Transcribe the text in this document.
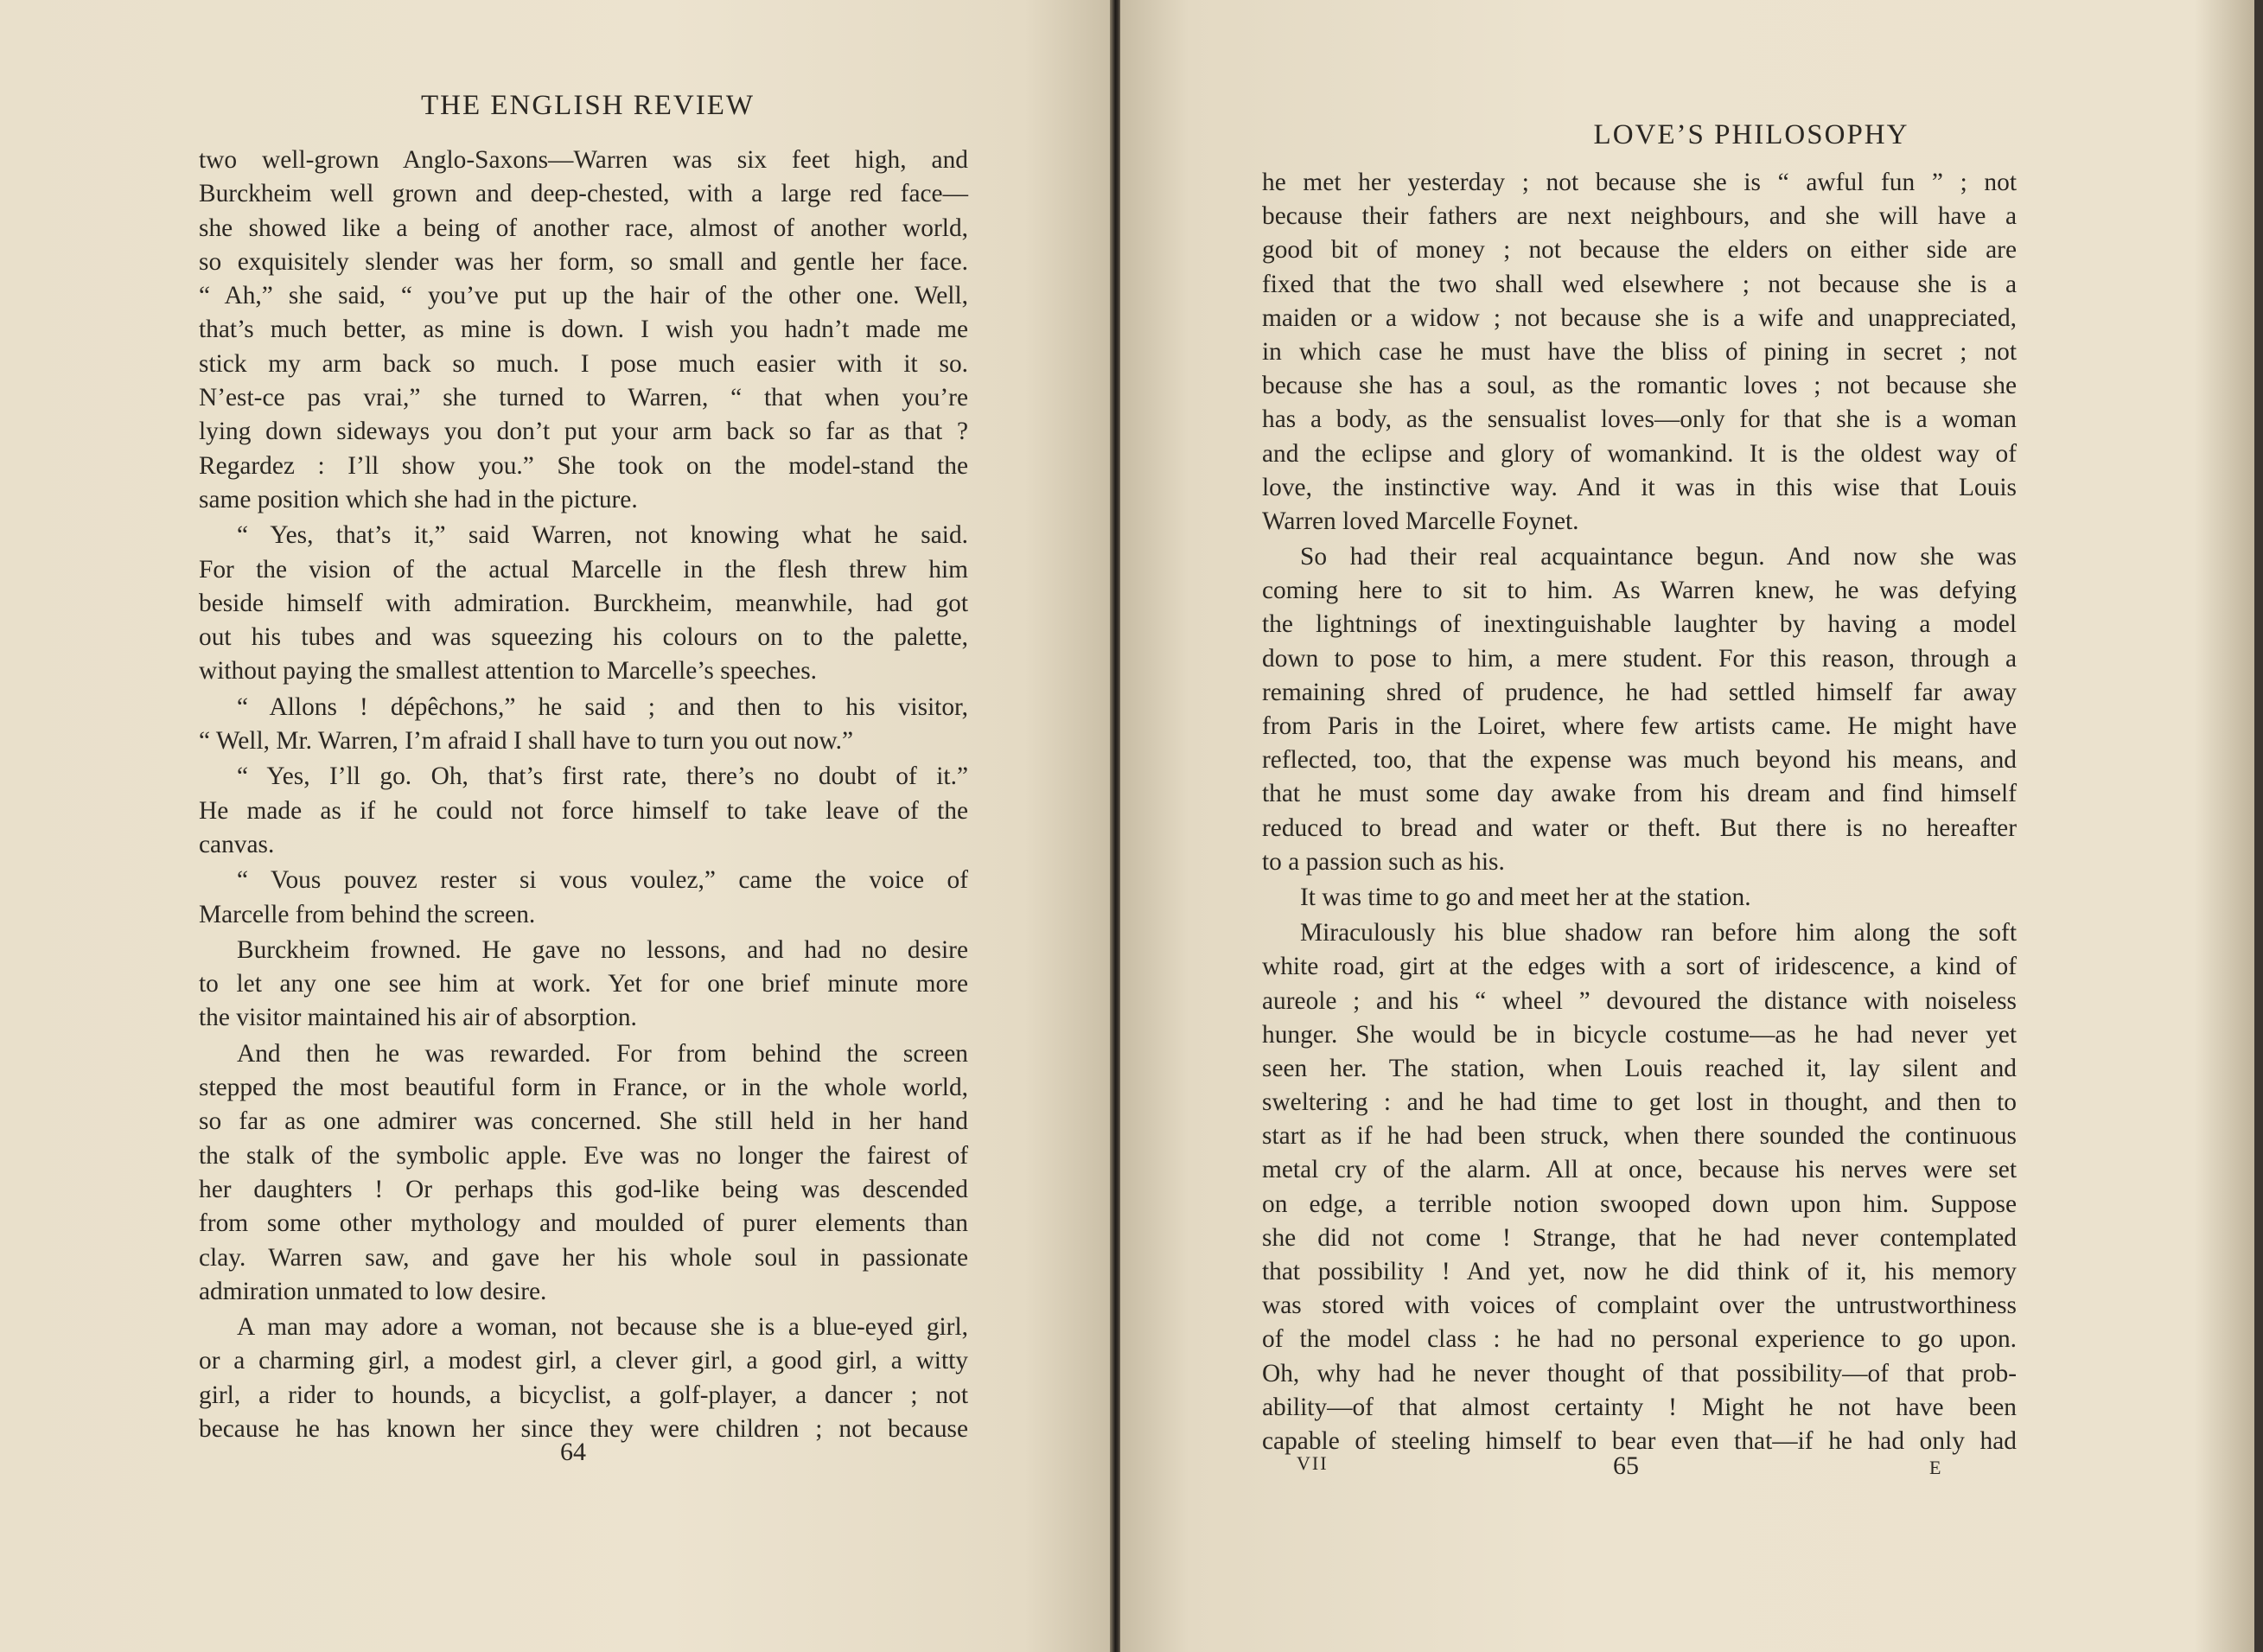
THE ENGLISH REVIEW
two well-grown Anglo-Saxons—Warren was six feet high, and
Burckheim well grown and deep-chested, with a large red face—
she showed like a being of another race, almost of another world,
so exquisitely slender was her form, so small and gentle her face.
“ Ah,” she said, “ you’ve put up the hair of the other one. Well,
that’s much better, as mine is down. I wish you hadn’t made me
stick my arm back so much. I pose much easier with it so.
N’est-ce pas vrai,” she turned to Warren, “ that when you’re
lying down sideways you don’t put your arm back so far as that ?
Regardez : I’ll show you.” She took on the model-stand the
same position which she had in the picture.
“ Yes, that’s it,” said Warren, not knowing what he said.
For the vision of the actual Marcelle in the flesh threw him
beside himself with admiration. Burckheim, meanwhile, had got
out his tubes and was squeezing his colours on to the palette,
without paying the smallest attention to Marcelle’s speeches.
“ Allons ! dépêchons,” he said ; and then to his visitor,
“ Well, Mr. Warren, I’m afraid I shall have to turn you out now.”
“ Yes, I’ll go. Oh, that’s first rate, there’s no doubt of it.”
He made as if he could not force himself to take leave of the
canvas.
“ Vous pouvez rester si vous voulez,” came the voice of
Marcelle from behind the screen.
Burckheim frowned. He gave no lessons, and had no desire
to let any one see him at work. Yet for one brief minute more
the visitor maintained his air of absorption.
And then he was rewarded. For from behind the screen
stepped the most beautiful form in France, or in the whole world,
so far as one admirer was concerned. She still held in her hand
the stalk of the symbolic apple. Eve was no longer the fairest of
her daughters ! Or perhaps this god-like being was descended
from some other mythology and moulded of purer elements than
clay. Warren saw, and gave her his whole soul in passionate
admiration unmated to low desire.
A man may adore a woman, not because she is a blue-eyed girl,
or a charming girl, a modest girl, a clever girl, a good girl, a witty
girl, a rider to hounds, a bicyclist, a golf-player, a dancer ; not
because he has known her since they were children ; not because
64
LOVE’S PHILOSOPHY
he met her yesterday ; not because she is “ awful fun ” ; not
because their fathers are next neighbours, and she will have a
good bit of money ; not because the elders on either side are
fixed that the two shall wed elsewhere ; not because she is a
maiden or a widow ; not because she is a wife and unappreciated,
in which case he must have the bliss of pining in secret ; not
because she has a soul, as the romantic loves ; not because she
has a body, as the sensualist loves—only for that she is a woman
and the eclipse and glory of womankind. It is the oldest way of
love, the instinctive way. And it was in this wise that Louis
Warren loved Marcelle Foynet.
So had their real acquaintance begun. And now she was
coming here to sit to him. As Warren knew, he was defying
the lightnings of inextinguishable laughter by having a model
down to pose to him, a mere student. For this reason, through a
remaining shred of prudence, he had settled himself far away
from Paris in the Loiret, where few artists came. He might have
reflected, too, that the expense was much beyond his means, and
that he must some day awake from his dream and find himself
reduced to bread and water or theft. But there is no hereafter
to a passion such as his.
It was time to go and meet her at the station.
Miraculously his blue shadow ran before him along the soft
white road, girt at the edges with a sort of iridescence, a kind of
aureole ; and his “ wheel ” devoured the distance with noiseless
hunger. She would be in bicycle costume—as he had never yet
seen her. The station, when Louis reached it, lay silent and
sweltering : and he had time to get lost in thought, and then to
start as if he had been struck, when there sounded the continuous
metal cry of the alarm. All at once, because his nerves were set
on edge, a terrible notion swooped down upon him. Suppose
she did not come ! Strange, that he had never contemplated
that possibility ! And yet, now he did think of it, his memory
was stored with voices of complaint over the untrustworthiness
of the model class : he had no personal experience to go upon.
Oh, why had he never thought of that possibility—of that prob-
ability—of that almost certainty ! Might he not have been
capable of steeling himself to bear even that—if he had only had
VII	65	E
